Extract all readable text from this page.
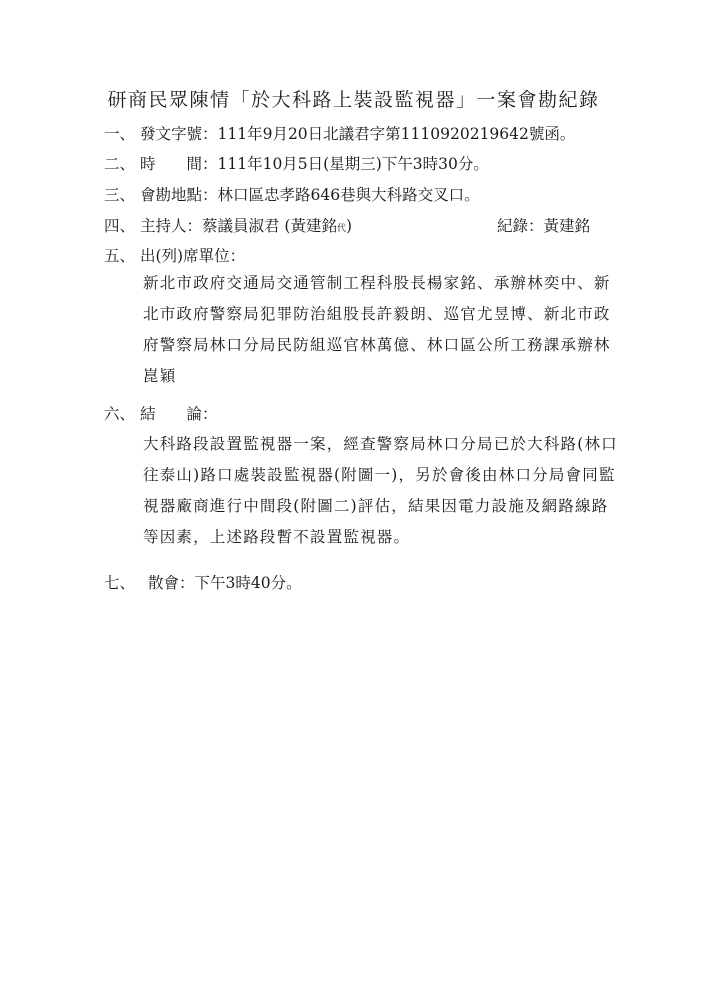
研商民眾陳情「於大科路上裝設監視器」一案會勘紀錄
一、 發文字號：111年9月20日北議君字第1110920219642號函。
二、 時　　間：111年10月5日(星期三)下午3時30分。
三、 會勘地點：林口區忠孝路646巷與大科路交叉口。
四、 主持人：蔡議員淑君 (黃建銘代)	紀錄：黃建銘
五、 出(列)席單位：
新北市政府交通局交通管制工程科股長楊家銘、承辦林奕中、新
北市政府警察局犯罪防治組股長許毅朗、巡官尤昱博、新北市政
府警察局林口分局民防組巡官林萬億、林口區公所工務課承辦林
崑穎
六、 結　　論：
大科路段設置監視器一案，經查警察局林口分局已於大科路(林口
往泰山)路口處裝設監視器(附圖一)，另於會後由林口分局會同監
視器廠商進行中間段(附圖二)評估，結果因電力設施及網路線路
等因素，上述路段暫不設置監視器。
七、 散會：下午3時40分。
